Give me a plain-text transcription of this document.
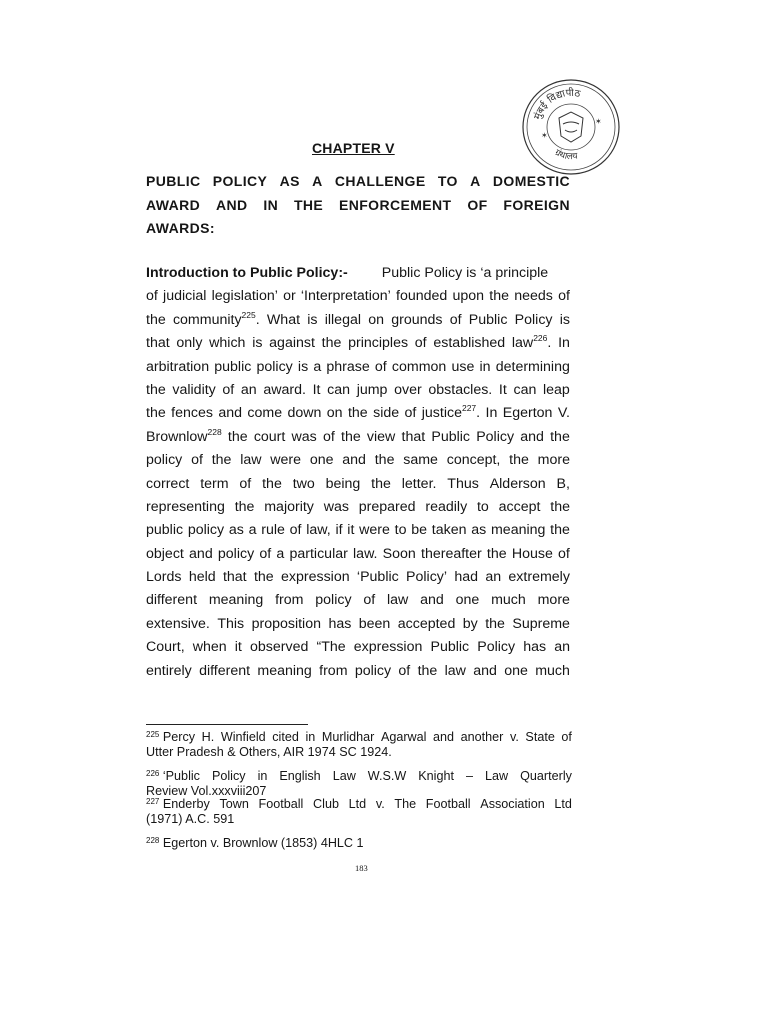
मुंबई विद्यापीठ
ग्रंथालय
✶
✶
CHAPTER V
PUBLIC POLICY AS A CHALLENGE TO A DOMESTIC
AWARD AND IN THE ENFORCEMENT OF FOREIGN
AWARDS:
Introduction to Public Policy:- Public Policy is ‘a principle
of judicial legislation’ or ‘Interpretation’ founded upon the needs of
the community$^{225}$. What is illegal on grounds of Public Policy is
that only which is against the principles of established law$^{226}$. In
arbitration public policy is a phrase of common use in determining
the validity of an award. It can jump over obstacles. It can leap
the fences and come down on the side of justice$^{227}$. In Egerton V.
Brownlow$^{228}$ the court was of the view that Public Policy and the
policy of the law were one and the same concept, the more
correct term of the two being the letter. Thus Alderson B,
representing the majority was prepared readily to accept the
public policy as a rule of law, if it were to be taken as meaning the
object and policy of a particular law. Soon thereafter the House of
Lords held that the expression ‘Public Policy’ had an extremely
different meaning from policy of law and one much more
extensive. This proposition has been accepted by the Supreme
Court, when it observed “The expression Public Policy has an
entirely different meaning from policy of the law and one much
$^{225}$ Percy H. Winfield cited in Murlidhar Agarwal and another v. State of
Utter Pradesh & Others, AIR 1974 SC 1924.
$^{226}$ ‘Public Policy in English Law W.S.W Knight – Law Quarterly
Review Vol.xxxviii207
$^{227}$ Enderby Town Football Club Ltd v. The Football Association Ltd
(1971) A.C. 591
$^{228}$ Egerton v. Brownlow (1853) 4HLC 1
183
